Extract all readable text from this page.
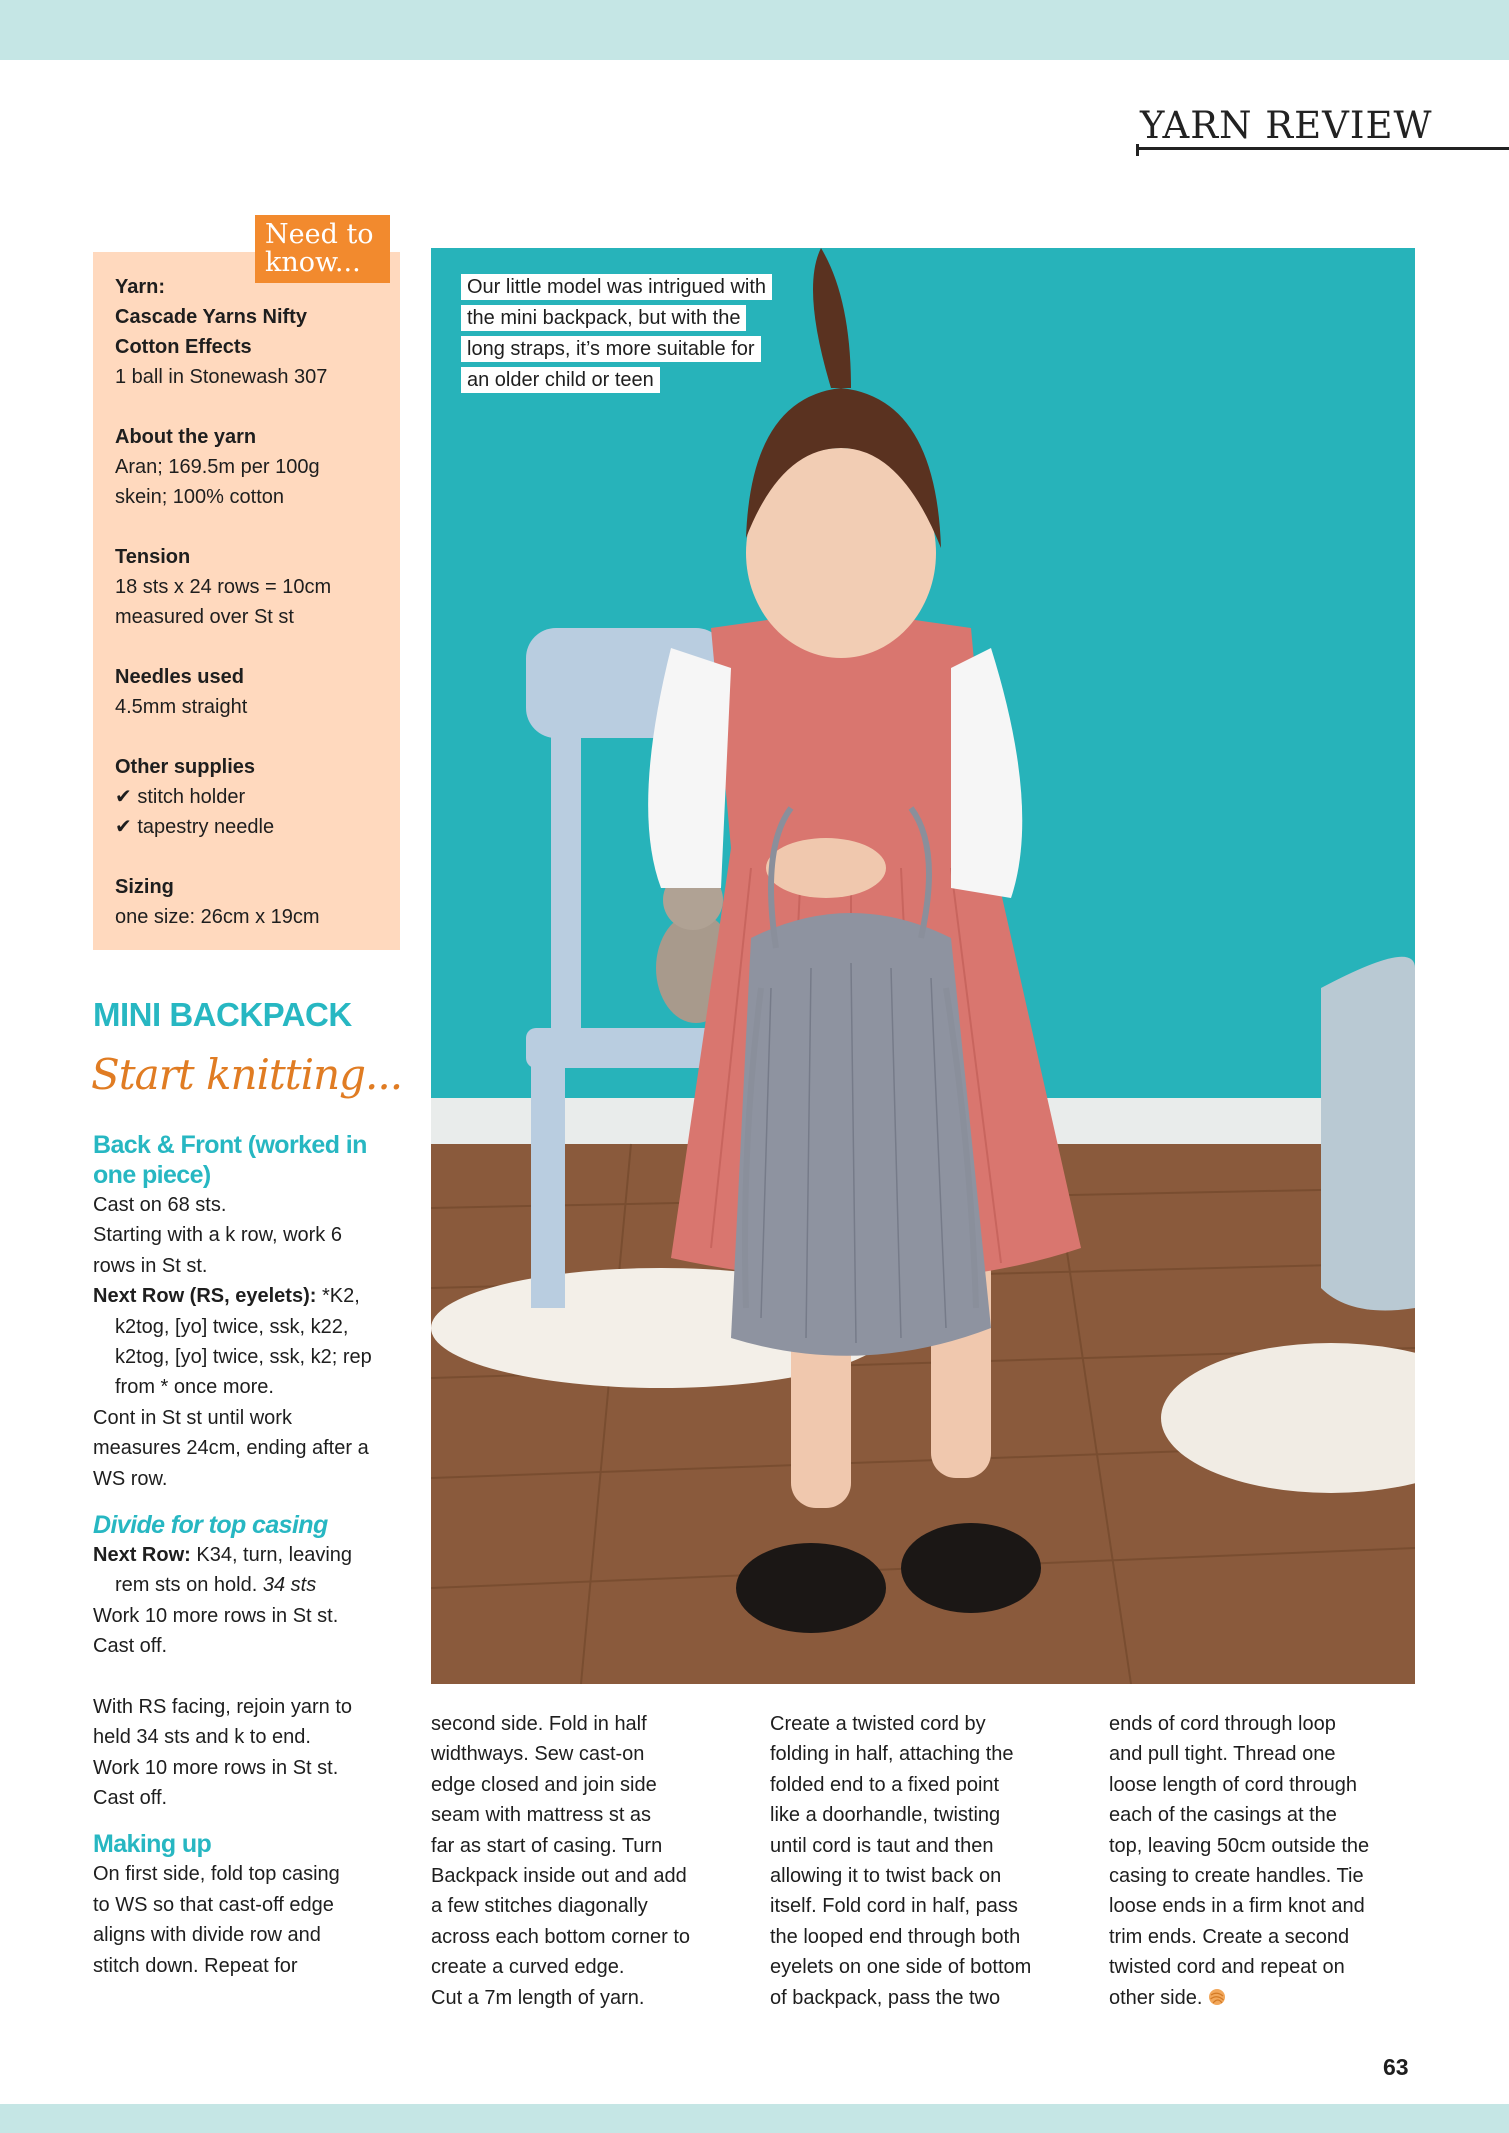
YARN REVIEW
Yarn:
Cascade Yarns Nifty
Cotton Effects
1 ball in Stonewash 307
About the yarn
Aran; 169.5m per 100g
skein; 100% cotton
Tension
18 sts x 24 rows = 10cm
measured over St st
Needles used
4.5mm straight
Other supplies
✔ stitch holder
✔ tapestry needle
Sizing
one size: 26cm x 19cm
Need to
know...
MINI BACKPACK
Start knitting...
Back & Front (worked in
one piece)

Cast on 68 sts.

Starting with a k row, work 6

rows in St st.

Next Row (RS, eyelets): *K2,

k2tog, [yo] twice, ssk, k22,

k2tog, [yo] twice, ssk, k2; rep

from * once more.

Cont in St st until work

measures 24cm, ending after a

WS row.

Divide for top casing

Next Row: K34, turn, leaving

rem sts on hold. 34 sts

Work 10 more rows in St st.

Cast off.

With RS facing, rejoin yarn to

held 34 sts and k to end.

Work 10 more rows in St st.

Cast off.

Making up

On first side, fold top casing

to WS so that cast-off edge

aligns with divide row and

stitch down. Repeat for

second side. Fold in half

widthways. Sew cast-on

edge closed and join side

seam with mattress st as

far as start of casing. Turn

Backpack inside out and add

a few stitches diagonally

across each bottom corner to

create a curved edge.

Cut a 7m length of yarn.

Create a twisted cord by

folding in half, attaching the

folded end to a fixed point

like a doorhandle, twisting

until cord is taut and then

allowing it to twist back on

itself. Fold cord in half, pass

the looped end through both

eyelets on one side of bottom

of backpack, pass the two

ends of cord through loop

and pull tight. Thread one

loose length of cord through

each of the casings at the

top, leaving 50cm outside the

casing to create handles. Tie

loose ends in a firm knot and

trim ends. Create a second

twisted cord and repeat on

other side.

Our little model was intrigued with
the mini backpack, but with the
long straps, it’s more suitable for
an older child or teen
63
